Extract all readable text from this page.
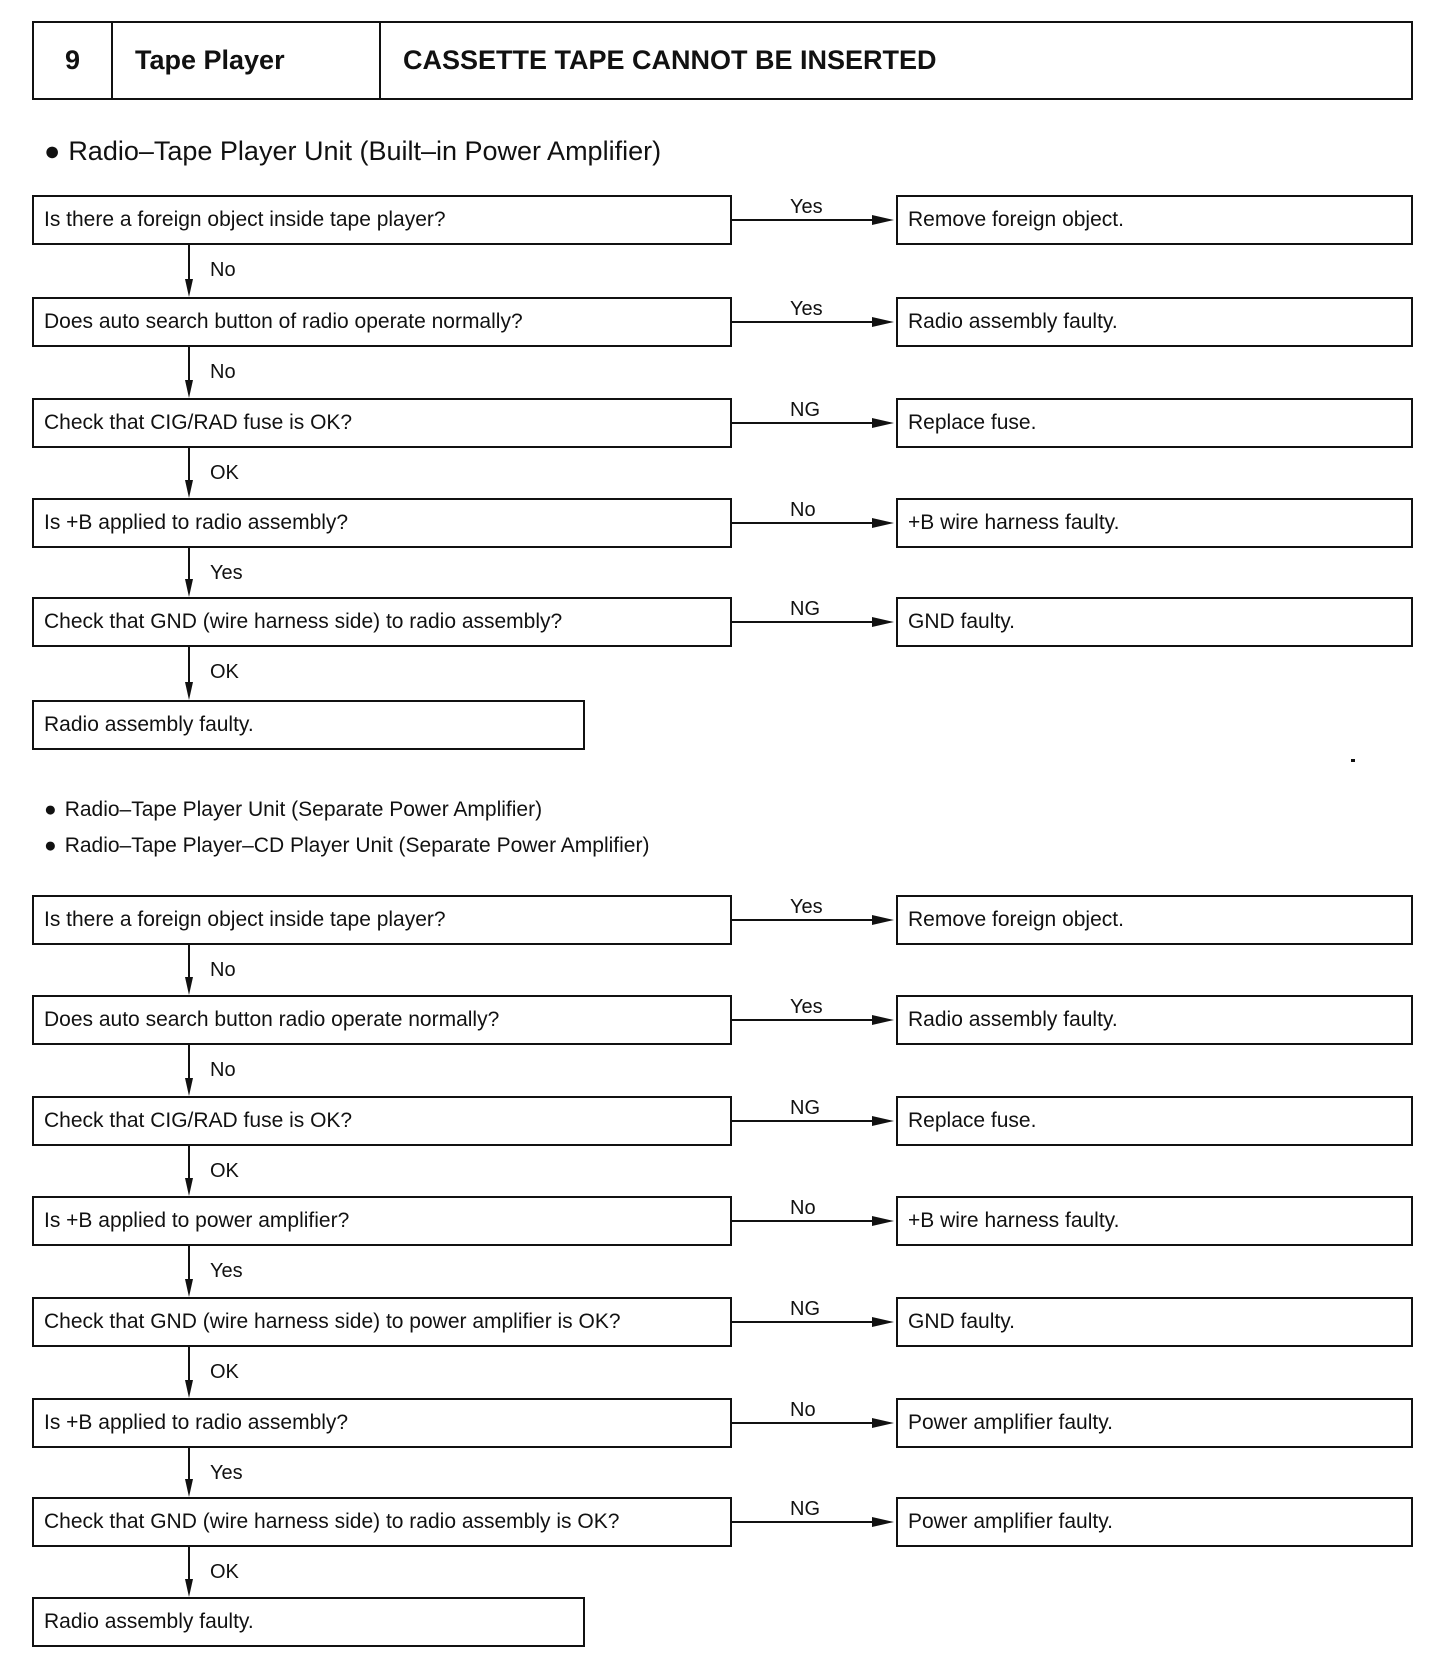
9	Tape Player	CASSETTE TAPE CANNOT BE INSERTED
● Radio–Tape Player Unit (Built–in Power Amplifier)
● Radio–Tape Player Unit (Separate Power Amplifier)
● Radio–Tape Player–CD Player Unit (Separate Power Amplifier)
Is there a foreign object inside tape player?
Yes
Remove foreign object.
No
Does auto search button of radio operate normally?
Yes
Radio assembly faulty.
No
Check that CIG/RAD fuse is OK?
NG
Replace fuse.
OK
Is +B applied to radio assembly?
No
+B wire harness faulty.
Yes
Check that GND (wire harness side) to radio assembly?
NG
GND faulty.
OK
Radio assembly faulty.
Is there a foreign object inside tape player?
Yes
Remove foreign object.
No
Does auto search button radio operate normally?
Yes
Radio assembly faulty.
No
Check that CIG/RAD fuse is OK?
NG
Replace fuse.
OK
Is +B applied to power amplifier?
No
+B wire harness faulty.
Yes
Check that GND (wire harness side) to power amplifier is OK?
NG
GND faulty.
OK
Is +B applied to radio assembly?
No
Power amplifier faulty.
Yes
Check that GND (wire harness side) to radio assembly is OK?
NG
Power amplifier faulty.
OK
Radio assembly faulty.
